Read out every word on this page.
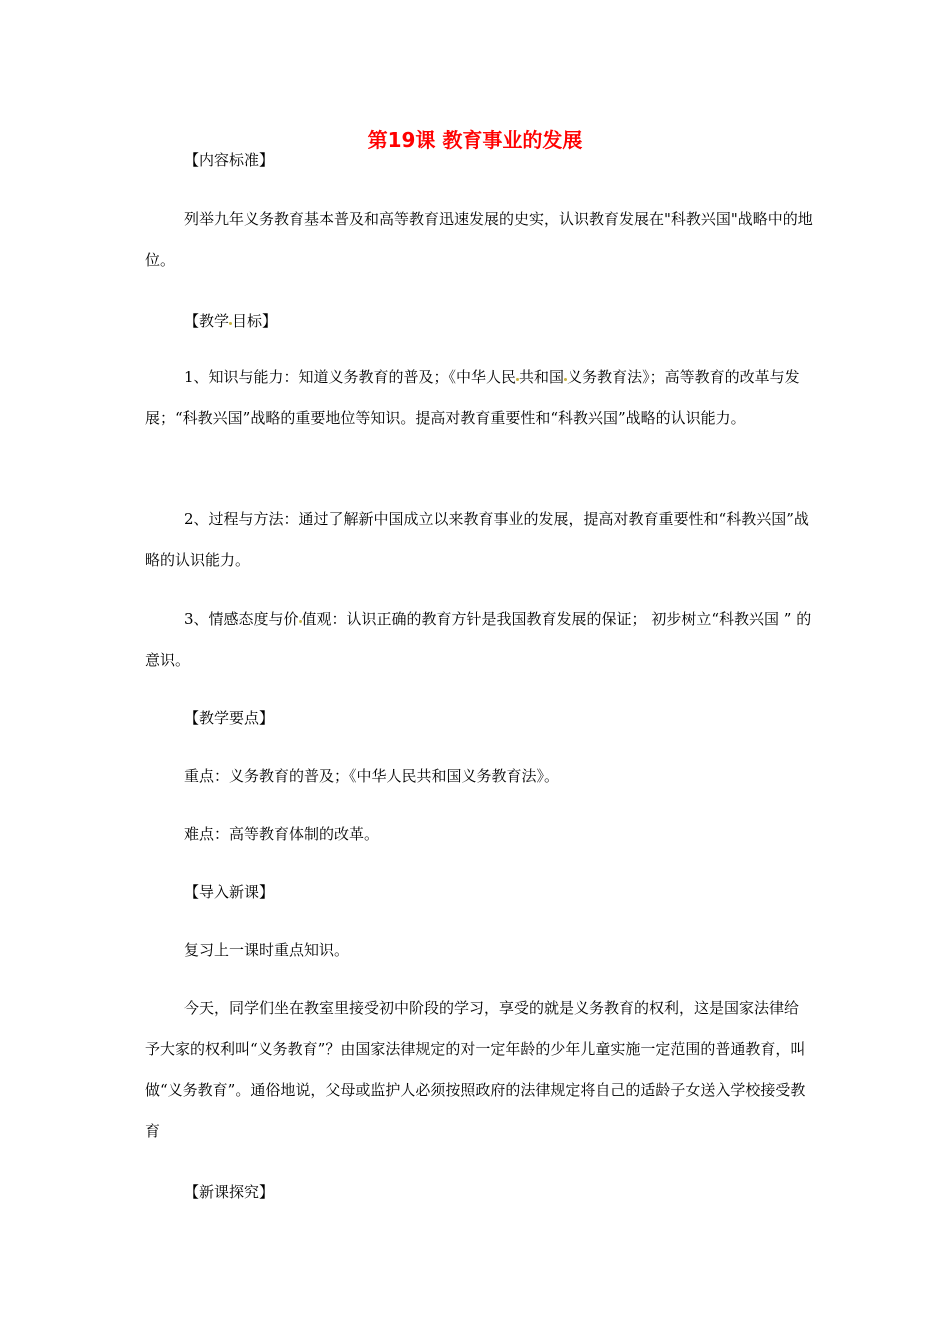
第19课 教育事业的发展

【内容标准】

列举九年义务教育基本普及和高等教育迅速发展的史实，认识教育发展在"科教兴国"战略中的地位。

【教学 目标】

1、知识与能力：知道义务教育的普及；《中华人民 共和国 义务教育法》；高等教育的改革与发展；“科教兴国”战略的重要地位等知识。提高对教育重要性和“科教兴国”战略的认识能力。

2、过程与方法：通过了解新中国成立以来教育事业的发展，提高对教育重要性和“科教兴国”战略的认识能力。

3、情感态度与价 值观：认识正确的教育方针是我国教育发展的保证； 初步树立“科教兴国 ” 的意识。

【教学要点】

重点：义务教育的普及；《中华人民共和国义务教育法》。

难点：高等教育体制的改革。

【导入新课】

复习上一课时重点知识。

今天，同学们坐在教室里接受初中阶段的学习，享受的就是义务教育的权利，这是国家法律给予大家的权利叫“义务教育”？由国家法律规定的对一定年龄的少年儿童实施一定范围的普通教育，叫做“义务教育”。通俗地说，父母或监护人必须按照政府的法律规定将自己的适龄子女送入学校接受教育

【新课探究】
